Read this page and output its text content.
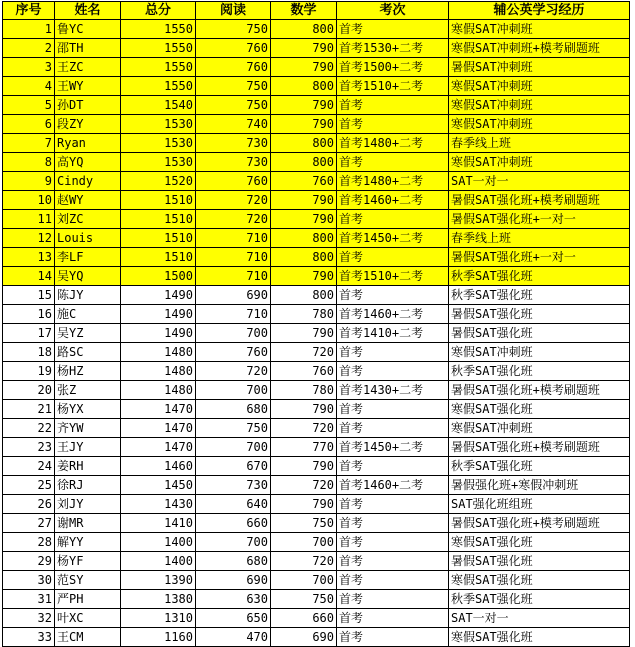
序号	姓名	总分	阅读	数学	考次	辅公英学习经历
1	鲁YC	1550	750	800	首考	寒假SAT冲刺班
2	邵TH	1550	760	790	首考1530+二考	寒假SAT冲刺班+模考刷题班
3	王ZC	1550	760	790	首考1500+二考	暑假SAT冲刺班
4	王WY	1550	750	800	首考1510+二考	寒假SAT冲刺班
5	孙DT	1540	750	790	首考	寒假SAT冲刺班
6	段ZY	1530	740	790	首考	寒假SAT冲刺班
7	Ryan	1530	730	800	首考1480+二考	春季线上班
8	高YQ	1530	730	800	首考	寒假SAT冲刺班
9	Cindy	1520	760	760	首考1480+二考	SAT一对一
10	赵WY	1510	720	790	首考1460+二考	暑假SAT强化班+模考刷题班
11	刘ZC	1510	720	790	首考	暑假SAT强化班+一对一
12	Louis	1510	710	800	首考1450+二考	春季线上班
13	李LF	1510	710	800	首考	暑假SAT强化班+一对一
14	吴YQ	1500	710	790	首考1510+二考	秋季SAT强化班
15	陈JY	1490	690	800	首考	秋季SAT强化班
16	施C	1490	710	780	首考1460+二考	暑假SAT强化班
17	吴YZ	1490	700	790	首考1410+二考	暑假SAT强化班
18	路SC	1480	760	720	首考	寒假SAT冲刺班
19	杨HZ	1480	720	760	首考	秋季SAT强化班
20	张Z	1480	700	780	首考1430+二考	暑假SAT强化班+模考刷题班
21	杨YX	1470	680	790	首考	寒假SAT强化班
22	齐YW	1470	750	720	首考	寒假SAT冲刺班
23	王JY	1470	700	770	首考1450+二考	暑假SAT强化班+模考刷题班
24	姜RH	1460	670	790	首考	秋季SAT强化班
25	徐RJ	1450	730	720	首考1460+二考	暑假强化班+寒假冲刺班
26	刘JY	1430	640	790	首考	SAT强化班组班
27	谢MR	1410	660	750	首考	暑假SAT强化班+模考刷题班
28	解YY	1400	700	700	首考	寒假SAT强化班
29	杨YF	1400	680	720	首考	暑假SAT强化班
30	范SY	1390	690	700	首考	寒假SAT强化班
31	严PH	1380	630	750	首考	秋季SAT强化班
32	叶XC	1310	650	660	首考	SAT一对一
33	王CM	1160	470	690	首考	寒假SAT强化班
